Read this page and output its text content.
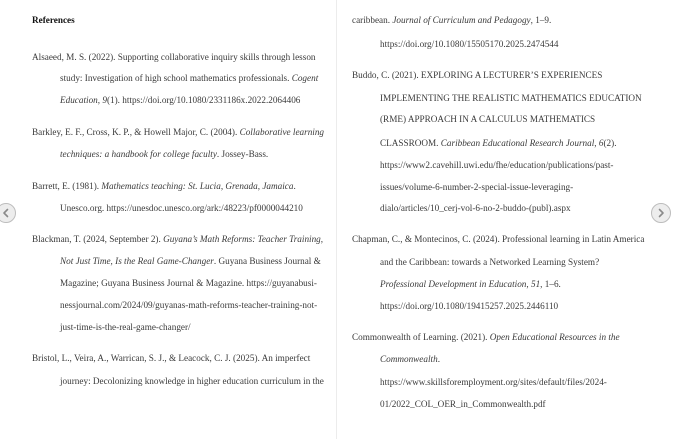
References
Alsaeed, M. S. (2022). Supporting collaborative inquiry skills through lesson
study: Investigation of high school mathematics professionals. Cogent
Education, 9(1). https://doi.org/10.1080/2331186x.2022.2064406
Barkley, E. F., Cross, K. P., & Howell Major, C. (2004). Collaborative learning
techniques: a handbook for college faculty. Jossey-Bass.
Barrett, E. (1981). Mathematics teaching: St. Lucia, Grenada, Jamaica.
Unesco.org. https://unesdoc.unesco.org/ark:/48223/pf0000044210
Blackman, T. (2024, September 2). Guyana’s Math Reforms: Teacher Training,
Not Just Time, Is the Real Game-Changer. Guyana Business Journal &
Magazine; Guyana Business Journal & Magazine. https://guyanabusi-
nessjournal.com/2024/09/guyanas-math-reforms-teacher-training-not-
just-time-is-the-real-game-changer/
Bristol, L., Veira, A., Warrican, S. J., & Leacock, C. J. (2025). An imperfect
journey: Decolonizing knowledge in higher education curriculum in the
caribbean. Journal of Curriculum and Pedagogy, 1–9.
https://doi.org/10.1080/15505170.2025.2474544
Buddo, C. (2021). EXPLORING A LECTURER’S EXPERIENCES
IMPLEMENTING THE REALISTIC MATHEMATICS EDUCATION
(RME) APPROACH IN A CALCULUS MATHEMATICS
CLASSROOM. Caribbean Educational Research Journal, 6(2).
https://www2.cavehill.uwi.edu/fhe/education/publications/past-
issues/volume-6-number-2-special-issue-leveraging-
dialo/articles/10_cerj-vol-6-no-2-buddo-(publ).aspx
Chapman, C., & Montecinos, C. (2024). Professional learning in Latin America
and the Caribbean: towards a Networked Learning System?
Professional Development in Education, 51, 1–6.
https://doi.org/10.1080/19415257.2025.2446110
Commonwealth of Learning. (2021). Open Educational Resources in the
Commonwealth.
https://www.skillsforemployment.org/sites/default/files/2024-
01/2022_COL_OER_in_Commonwealth.pdf
